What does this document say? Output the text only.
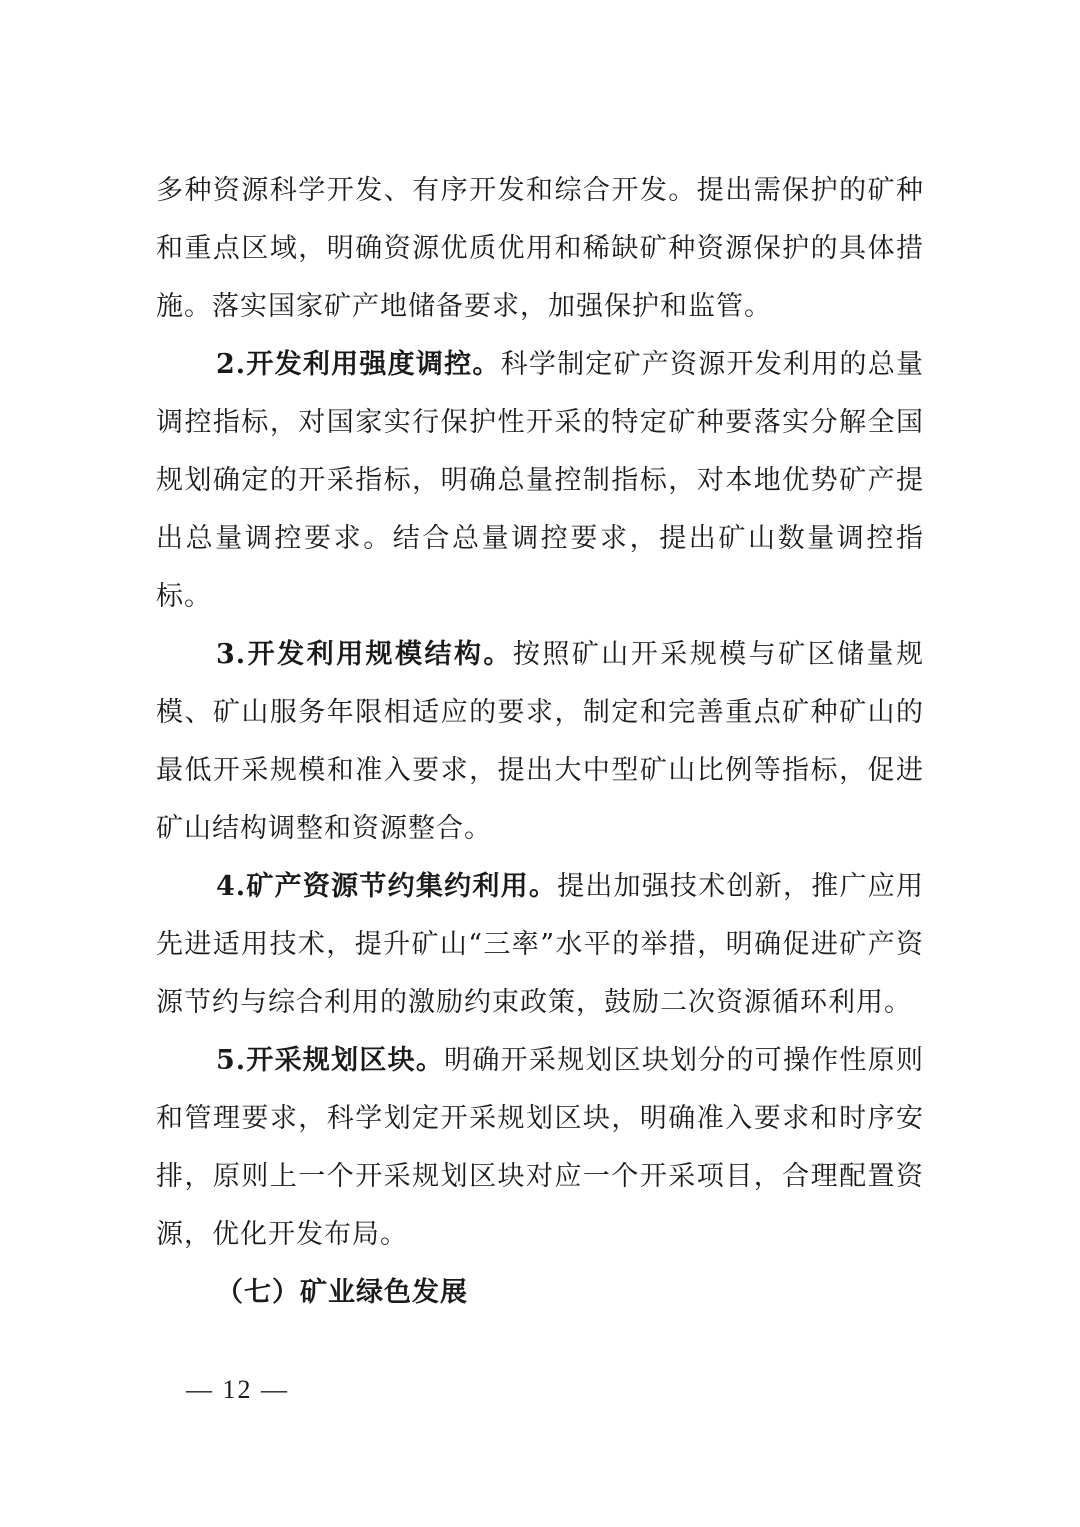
多种资源科学开发、有序开发和综合开发。提出需保护的矿种和重点区域，明确资源优质优用和稀缺矿种资源保护的具体措施。落实国家矿产地储备要求，加强保护和监管。

2.开发利用强度调控。科学制定矿产资源开发利用的总量调控指标，对国家实行保护性开采的特定矿种要落实分解全国规划确定的开采指标，明确总量控制指标，对本地优势矿产提出总量调控要求。结合总量调控要求，提出矿山数量调控指标。

3.开发利用规模结构。按照矿山开采规模与矿区储量规模、矿山服务年限相适应的要求，制定和完善重点矿种矿山的最低开采规模和准入要求，提出大中型矿山比例等指标，促进矿山结构调整和资源整合。

4.矿产资源节约集约利用。提出加强技术创新，推广应用先进适用技术，提升矿山“三率”水平的举措，明确促进矿产资源节约与综合利用的激励约束政策，鼓励二次资源循环利用。

5.开采规划区块。明确开采规划区块划分的可操作性原则和管理要求，科学划定开采规划区块，明确准入要求和时序安排，原则上一个开采规划区块对应一个开采项目，合理配置资源，优化开发布局。

（七）矿业绿色发展

— 12 —
